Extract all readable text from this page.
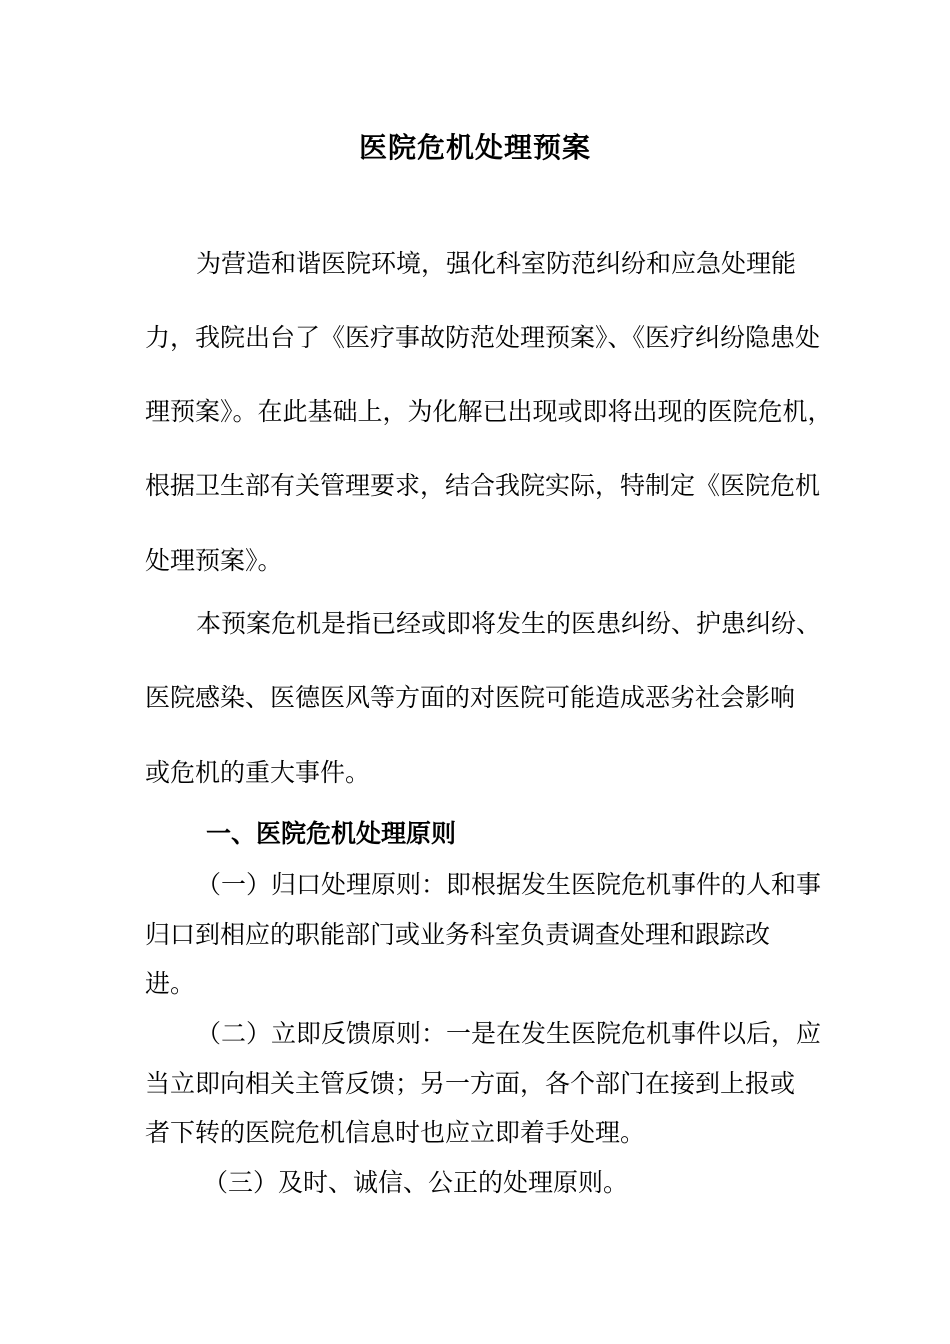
医院危机处理预案
为营造和谐医院环境，强化科室防范纠纷和应急处理能
力，我院出台了《医疗事故防范处理预案》、《医疗纠纷隐患处
理预案》。在此基础上，为化解已出现或即将出现的医院危机，
根据卫生部有关管理要求，结合我院实际，特制定《医院危机
处理预案》。
本预案危机是指已经或即将发生的医患纠纷、护患纠纷、
医院感染、医德医风等方面的对医院可能造成恶劣社会影响
或危机的重大事件。
一、医院危机处理原则
（一）归口处理原则：即根据发生医院危机事件的人和事
归口到相应的职能部门或业务科室负责调查处理和跟踪改
进。
（二）立即反馈原则：一是在发生医院危机事件以后，应
当立即向相关主管反馈；另一方面，各个部门在接到上报或
者下转的医院危机信息时也应立即着手处理。
（三）及时、诚信、公正的处理原则。
